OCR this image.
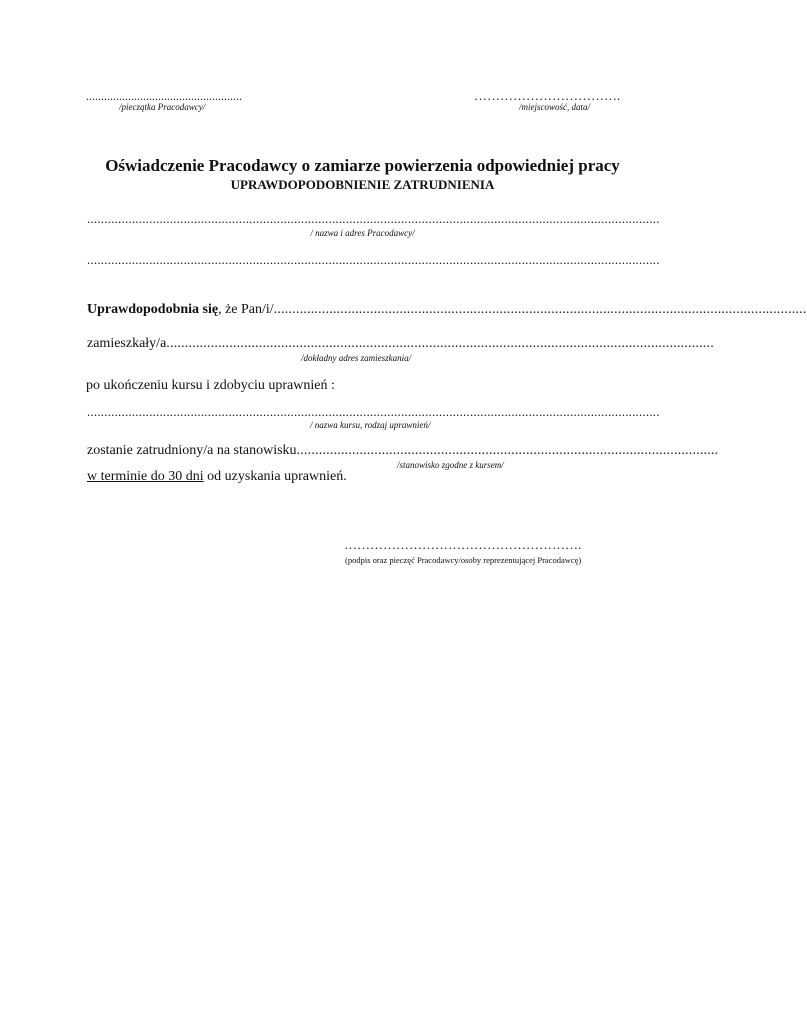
....................................................
/pieczątka Pracodawcy/
…………………………….
/miejscowość, data/
Oświadczenie Pracodawcy o zamiarze powierzenia odpowiedniej pracy
UPRAWDOPODOBNIENIE ZATRUDNIENIA
......................................................................................................................................................................
/ nazwa i adres Pracodawcy/
......................................................................................................................................................................
Uprawdopodobnia się , że Pan/i/ ................................................................................................................................................
zamieszkały/a ....................................................................................................................................................
/dokładny adres zamieszkania/
po ukończeniu kursu i zdobyciu uprawnień :
......................................................................................................................................................................
/ nazwa kursu, rodzaj uprawnień/
zostanie zatrudniony/a na stanowisku ..................................................................................................................
/stanowisko zgodne z kursem/
w terminie do 30 dni od uzyskania uprawnień.
……………………………………………….
(podpis oraz pieczęć Pracodawcy/osoby reprezentującej Pracodawcę)
